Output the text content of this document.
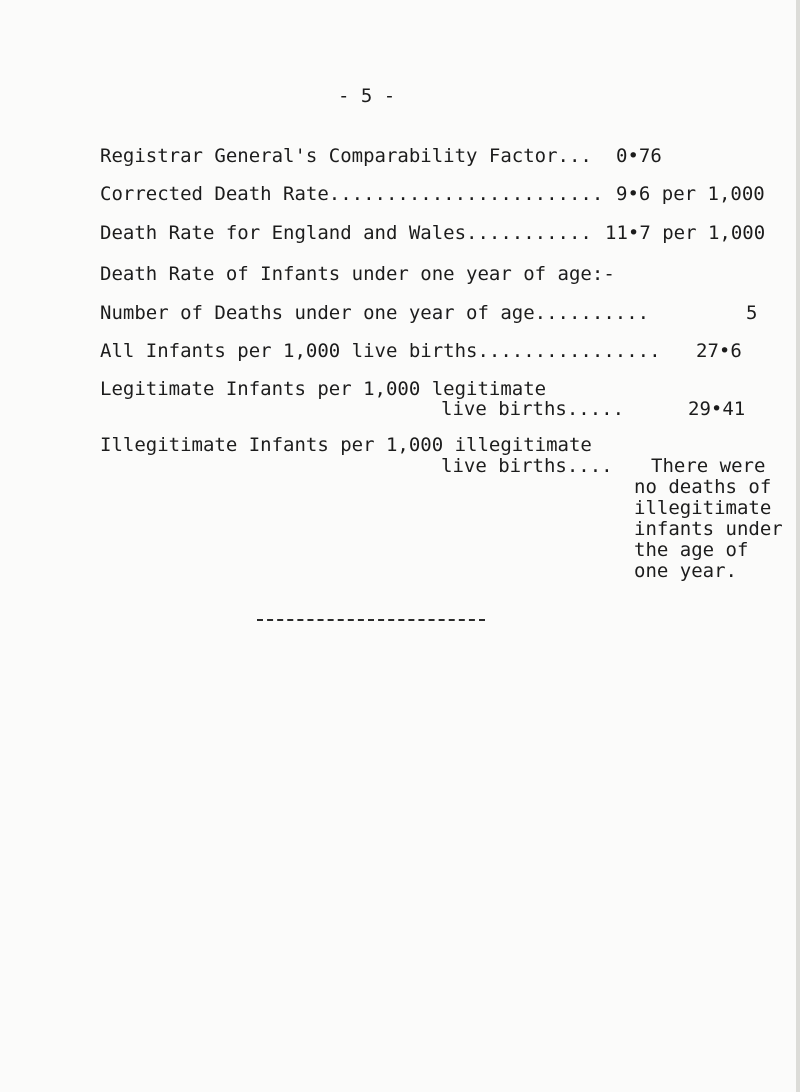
- 5 -
Registrar General's Comparability Factor... 0•76
Corrected Death Rate........................ 9•6 per 1,000
Death Rate for England and Wales........... 11•7 per 1,000
Death Rate of Infants under one year of age:-
Number of Deaths under one year of age..........	5
All Infants per 1,000 live births................ 27•6
Legitimate Infants per 1,000 legitimate
live births.....	29•41
Illegitimate Infants per 1,000 illegitimate
live births.... There were
no deaths of
illegitimate
infants under
the age of
one year.
